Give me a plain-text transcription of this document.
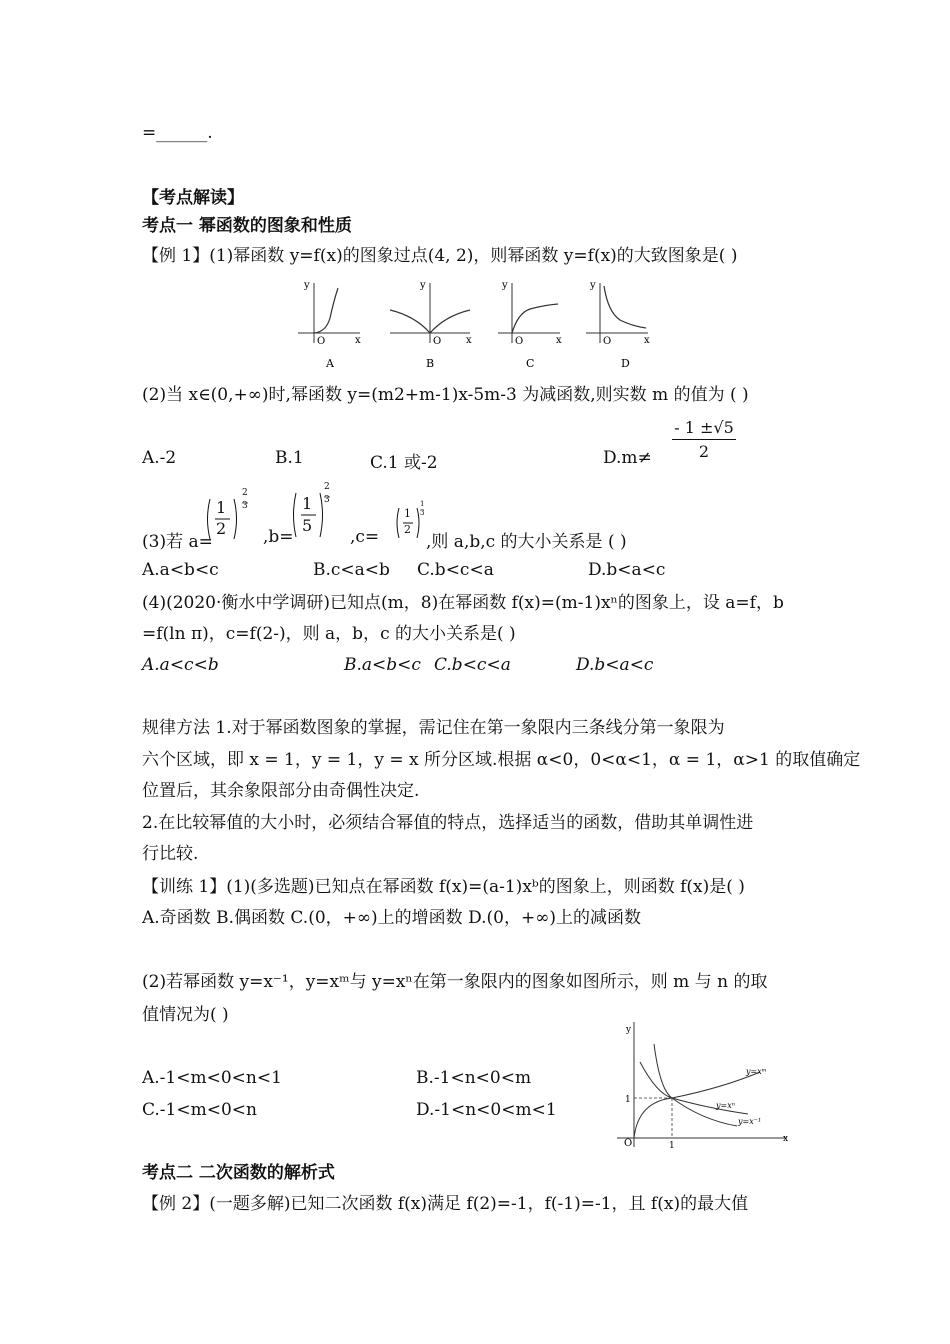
=______.
【考点解读】
考点一 幂函数的图象和性质
【例 1】(1)幂函数 y=f(x)的图象过点(4, 2)，则幂函数 y=f(x)的大致图象是( )
y
x
O
A
y
x
O
B
y
x
O
C
y
x
O
D
(2)当 x∈(0,+∞)时,幂函数 y=(m2+m-1)x-5m-3 为减函数,则实数 m 的值为 ( )
A.-2	B.1	C.1 或-2	$D.m\ne \frac{- 1 \pm√5}{2}$
(3)若 a=
1
2
2
3
,b=
1
5
2
3
,c=
1
2
1
3
,则 a,b,c 的大小关系是 ( )
A.a<b<c	B.c<a<b C.b<c<a	D.b<a<c
(4)(2020·衡水中学调研)已知点(m，8)在幂函数 f(x)=(m-1)xⁿ的图象上，设 a=f，b
=f(ln π)，c=f(2-)，则 a，b，c 的大小关系是( )
A.a<c<b	B.a<b<c C.b<c<a	D.b<a<c
规律方法 1.对于幂函数图象的掌握，需记住在第一象限内三条线分第一象限为
六个区域，即 x = 1，y = 1，y = x 所分区域.根据 α<0，0<α<1，α = 1，α>1 的取值确定
位置后，其余象限部分由奇偶性决定.
2.在比较幂值的大小时，必须结合幂值的特点，选择适当的函数，借助其单调性进
行比较.
【训练 1】(1)(多选题)已知点在幂函数 f(x)=(a-1)xᵇ的图象上，则函数 f(x)是( )
A.奇函数 B.偶函数 C.(0，+∞)上的增函数 D.(0，+∞)上的减函数
(2)若幂函数 y=x⁻¹，y=xᵐ与 y=xⁿ在第一象限内的图象如图所示，则 m 与 n 的取
值情况为( )
A.-1<m<0<n<1	B.-1<n<0<m
C.-1<m<0<n	D.-1<n<0<m<1
y
x
O
1
1
y=xᵐ
y=xⁿ
y=x⁻¹
考点二 二次函数的解析式
【例 2】(一题多解)已知二次函数 f(x)满足 f(2)=-1，f(-1)=-1，且 f(x)的最大值
